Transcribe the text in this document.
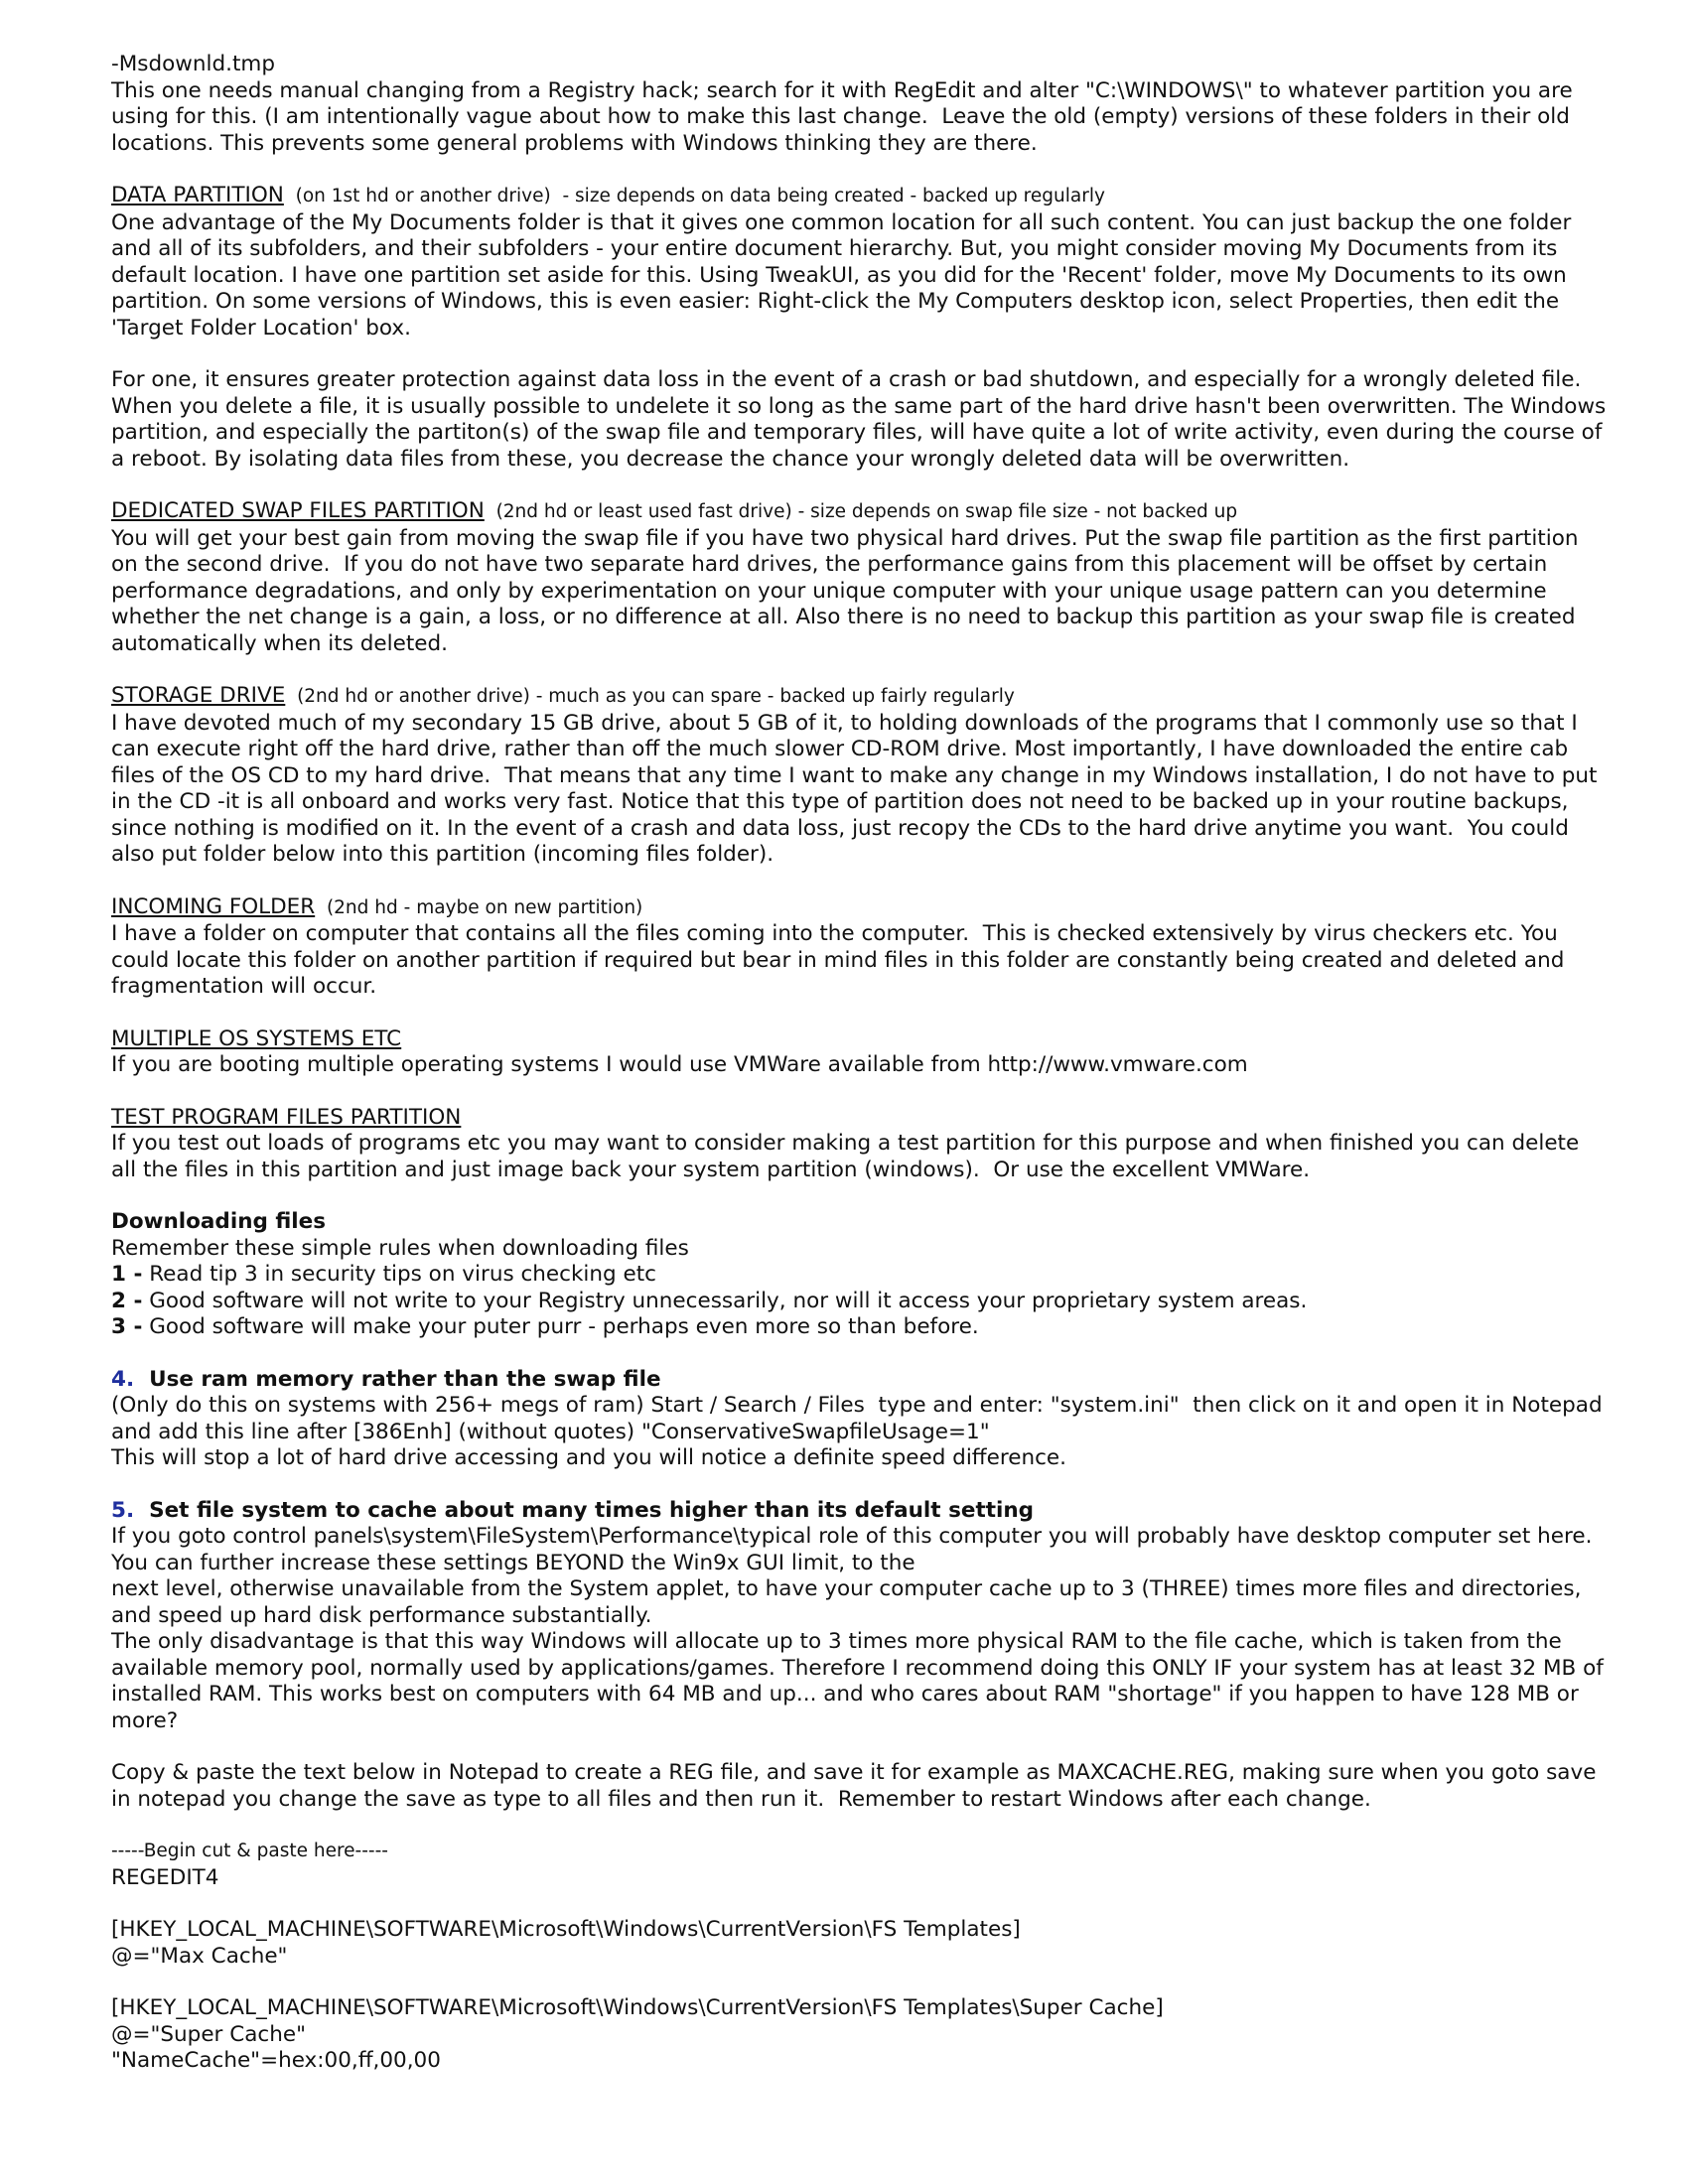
-Msdownld.tmp

This one needs manual changing from a Registry hack; search for it with RegEdit and alter "C:\WINDOWS\" to whatever partition you are using for this. (I am intentionally vague about how to make this last change.  Leave the old (empty) versions of these folders in their old locations. This prevents some general problems with Windows thinking they are there.

DATA PARTITION  (on 1st hd or another drive)  - size depends on data being created - backed up regularly

One advantage of the My Documents folder is that it gives one common location for all such content. You can just backup the one folder and all of its subfolders, and their subfolders - your entire document hierarchy. But, you might consider moving My Documents from its default location. I have one partition set aside for this. Using TweakUI, as you did for the 'Recent' folder, move My Documents to its own partition. On some versions of Windows, this is even easier: Right-click the My Computers desktop icon, select Properties, then edit the 'Target Folder Location' box.

For one, it ensures greater protection against data loss in the event of a crash or bad shutdown, and especially for a wrongly deleted file. When you delete a file, it is usually possible to undelete it so long as the same part of the hard drive hasn't been overwritten. The Windows partition, and especially the partiton(s) of the swap file and temporary files, will have quite a lot of write activity, even during the course of a reboot. By isolating data files from these, you decrease the chance your wrongly deleted data will be overwritten.

DEDICATED SWAP FILES PARTITION  (2nd hd or least used fast drive) - size depends on swap file size - not backed up

You will get your best gain from moving the swap file if you have two physical hard drives. Put the swap file partition as the first partition on the second drive.  If you do not have two separate hard drives, the performance gains from this placement will be offset by certain performance degradations, and only by experimentation on your unique computer with your unique usage pattern can you determine whether the net change is a gain, a loss, or no difference at all. Also there is no need to backup this partition as your swap file is created automatically when its deleted.

STORAGE DRIVE  (2nd hd or another drive) - much as you can spare - backed up fairly regularly

I have devoted much of my secondary 15 GB drive, about 5 GB of it, to holding downloads of the programs that I commonly use so that I can execute right off the hard drive, rather than off the much slower CD-ROM drive. Most importantly, I have downloaded the entire cab files of the OS CD to my hard drive.  That means that any time I want to make any change in my Windows installation, I do not have to put in the CD -it is all onboard and works very fast. Notice that this type of partition does not need to be backed up in your routine backups, since nothing is modified on it. In the event of a crash and data loss, just recopy the CDs to the hard drive anytime you want.  You could also put folder below into this partition (incoming files folder).

INCOMING FOLDER  (2nd hd - maybe on new partition)

I have a folder on computer that contains all the files coming into the computer.  This is checked extensively by virus checkers etc. You could locate this folder on another partition if required but bear in mind files in this folder are constantly being created and deleted and fragmentation will occur.

MULTIPLE OS SYSTEMS ETC

If you are booting multiple operating systems I would use VMWare available from http://www.vmware.com

TEST PROGRAM FILES PARTITION

If you test out loads of programs etc you may want to consider making a test partition for this purpose and when finished you can delete all the files in this partition and just image back your system partition (windows).  Or use the excellent VMWare.

Downloading files

Remember these simple rules when downloading files

1 - Read tip 3 in security tips on virus checking etc

2 - Good software will not write to your Registry unnecessarily, nor will it access your proprietary system areas.

3 - Good software will make your puter purr - perhaps even more so than before.

4.  Use ram memory rather than the swap file

(Only do this on systems with 256+ megs of ram) Start / Search / Files  type and enter: "system.ini"  then click on it and open it in Notepad and add this line after [386Enh] (without quotes) "ConservativeSwapfileUsage=1"
This will stop a lot of hard drive accessing and you will notice a definite speed difference.

5.  Set file system to cache about many times higher than its default setting

If you goto control panels\system\FileSystem\Performance\typical role of this computer you will probably have desktop computer set here.  You can further increase these settings BEYOND the Win9x GUI limit, to the

next level, otherwise unavailable from the System applet, to have your computer cache up to 3 (THREE) times more files and directories, and speed up hard disk performance substantially.
The only disadvantage is that this way Windows will allocate up to 3 times more physical RAM to the file cache, which is taken from the available memory pool, normally used by applications/games. Therefore I recommend doing this ONLY IF your system has at least 32 MB of installed RAM. This works best on computers with 64 MB and up... and who cares about RAM "shortage" if you happen to have 128 MB or more?

Copy & paste the text below in Notepad to create a REG file, and save it for example as MAXCACHE.REG, making sure when you goto save in notepad you change the save as type to all files and then run it.  Remember to restart Windows after each change.

-----Begin cut & paste here-----

REGEDIT4

[HKEY_LOCAL_MACHINE\SOFTWARE\Microsoft\Windows\CurrentVersion\FS Templates]

@="Max Cache"

[HKEY_LOCAL_MACHINE\SOFTWARE\Microsoft\Windows\CurrentVersion\FS Templates\Super Cache]

@="Super Cache"

"NameCache"=hex:00,ff,00,00
